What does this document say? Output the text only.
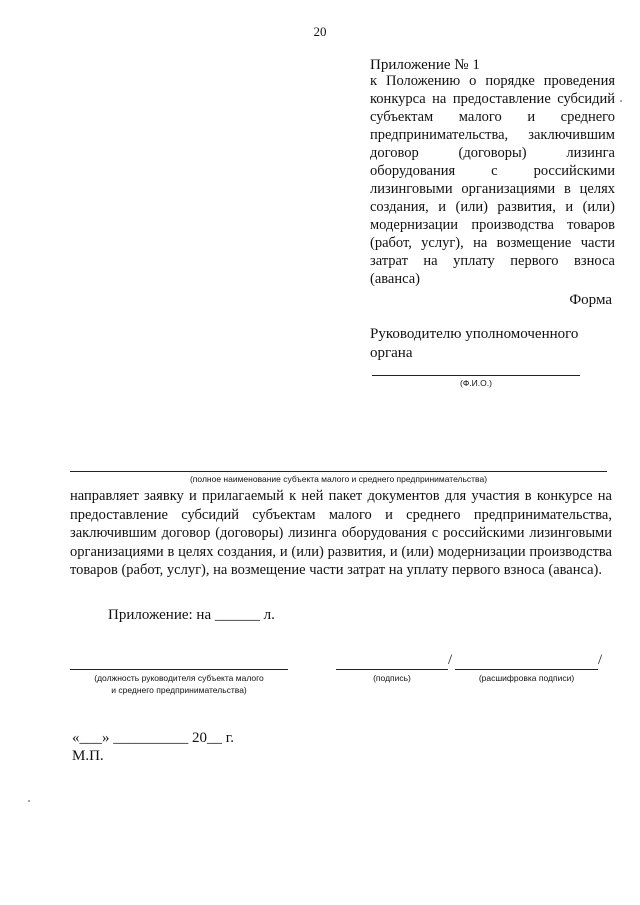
20
Приложение № 1
к Положению о порядке проведения конкурса на предоставление субсидий субъектам малого и среднего предпринимательства, заключившим договор (договоры) лизинга оборудования с российскими лизинговыми организациями в целях создания, и (или) развития, и (или) модернизации производства товаров (работ, услуг), на возмещение части затрат на уплату первого взноса (аванса)
Форма
Руководителю уполномоченного органа
(Ф.И.О.)
(полное наименование субъекта малого и среднего предпринимательства)
направляет заявку и прилагаемый к ней пакет документов для участия в конкурсе на предоставление субсидий субъектам малого и среднего предпринимательства, заключившим договор (договоры) лизинга оборудования с российскими лизинговыми организациями в целях создания, и (или) развития, и (или) модернизации производства товаров (работ, услуг), на возмещение части затрат на уплату первого взноса (аванса).
Приложение: на ______ л.
(должность руководителя субъекта малого
и среднего предпринимательства)
/	/
(подпись)	(расшифровка подписи)
«___» __________ 20__ г.
М.П.
